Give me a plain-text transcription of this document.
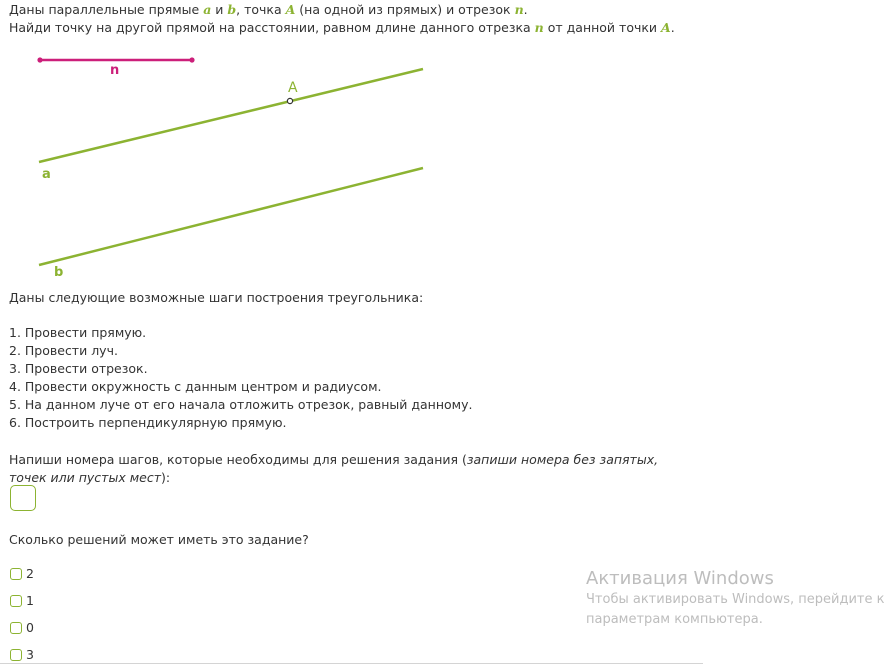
Даны параллельные прямые a и b, точка A (на одной из прямых) и отрезок n.

Найди точку на другой прямой на расстоянии, равном длине данного отрезка n от данной точки A.

n
A
a
b
Даны следующие возможные шаги построения треугольника:
1. Провести прямую.
2. Провести луч.
3. Провести отрезок.
4. Провести окружность с данным центром и радиусом.
5. На данном луче от его начала отложить отрезок, равный данному.
6. Построить перпендикулярную прямую.

Напиши номера шагов, которые необходимы для решения задания (запиши номера без запятых, точек или пустых мест):

Сколько решений может иметь это задание?

2
1
0
3
Активация Windows
Чтобы активировать Windows, перейдите к
параметрам компьютера.
